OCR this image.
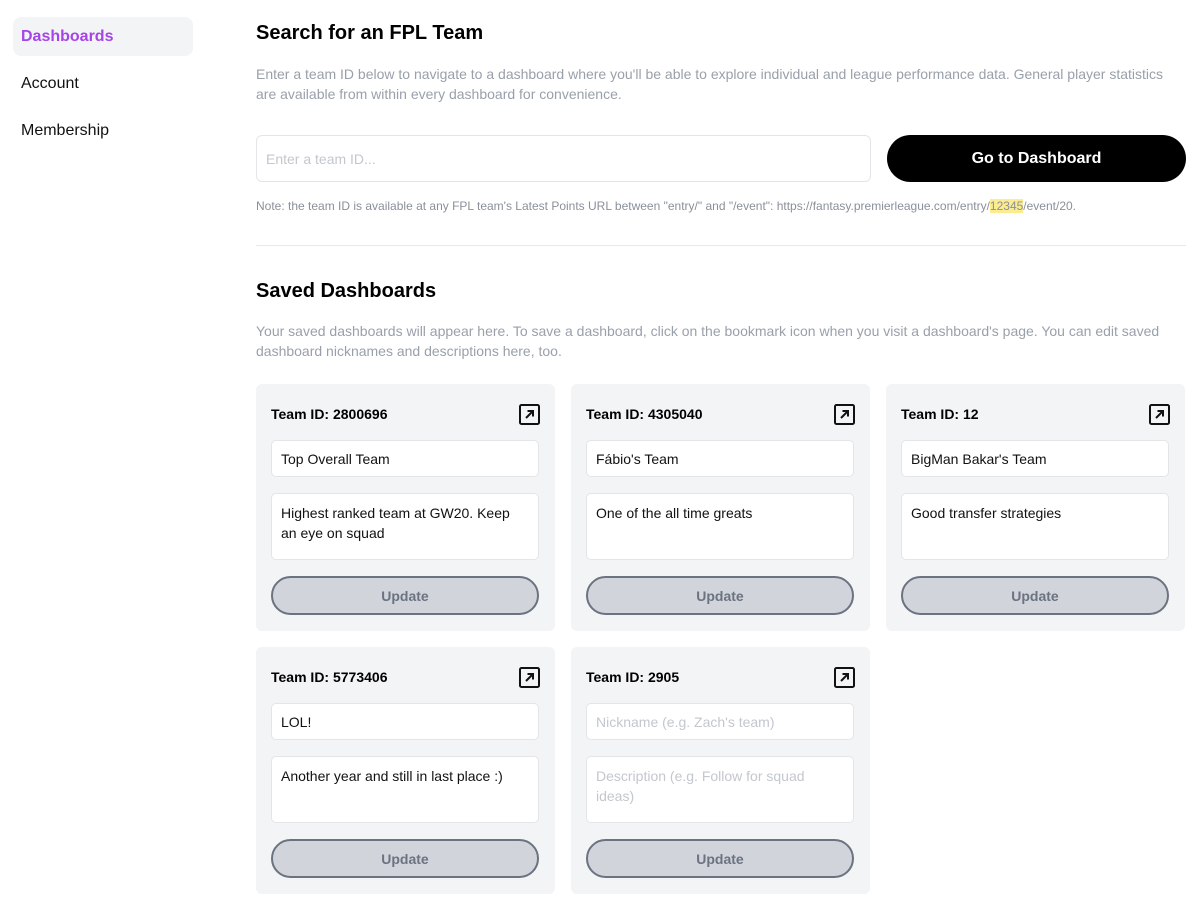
Dashboards
Account
Membership
Search for an FPL Team

Enter a team ID below to navigate to a dashboard where you'll be able to explore individual and league performance data. General player statistics are available from within every dashboard for convenience.

Enter a team ID...
Go to Dashboard

Note: the team ID is available at any FPL team's Latest Points URL between "entry/" and "/event": https://fantasy.premierleague.com/entry/12345/event/20.

Saved Dashboards

Your saved dashboards will appear here. To save a dashboard, click on the bookmark icon when you visit a dashboard's page. You can edit saved dashboard nicknames and descriptions here, too.

Team ID: 2800696
Top Overall Team
Highest ranked team at GW20. Keep an eye on squad
Update
Team ID: 4305040
Fábio's Team
One of the all time greats
Update
Team ID: 12
BigMan Bakar's Team
Good transfer strategies
Update
Team ID: 5773406
LOL!
Another year and still in last place :)
Update
Team ID: 2905
Nickname (e.g. Zach's team)
Description (e.g. Follow for squad ideas)
Update
